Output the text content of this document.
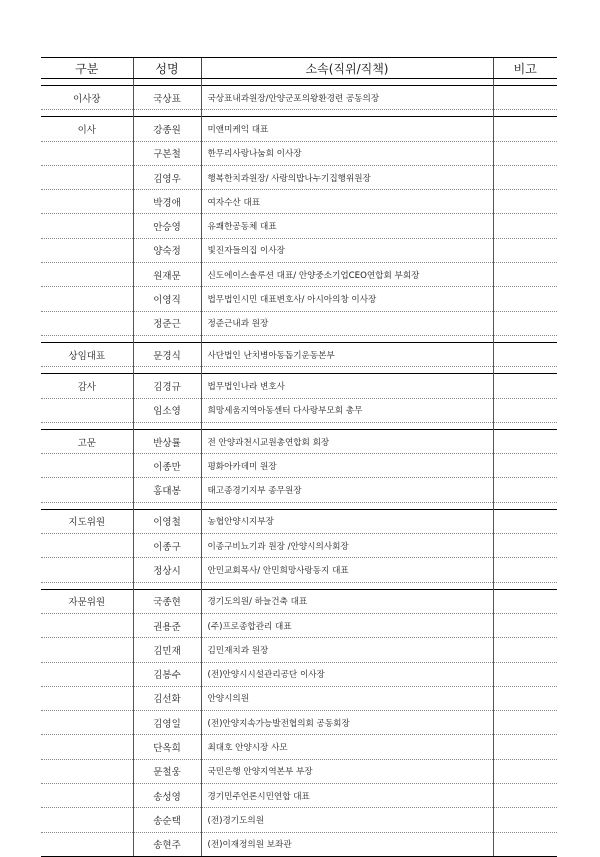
구분	성명	소속(직위/직책)	비고

이사장	국상표	국상표내과원장/안양군포의왕환경련 공동의장	

이사	강종원	미앤미케익 대표	
	구본철	한무리사랑나눔회 이사장	
	김영우	행복한치과원장/ 사랑의밥나누기집행위원장	
	박경애	여자수산 대표	
	안승영	유쾌한공동체 대표	
	양숙정	빛진자들의집 이사장	
	원재문	신도에이스솔루션 대표/ 안양중소기업CEO연합회 부회장	
	이영직	법무법인시민 대표변호사/ 아시아의창 이사장	
	정준근	정준근내과 원장	

상임대표	문경식	사단법인 난치병아동돕기운동본부	

감사	김경규	법무법인나라 변호사	
	임소영	희망세움지역아동센터 다사랑부모회 총무	

고문	반상률	전 안양과천시교원총연합회 회장	
	이종만	평화아카데미 원장	
	홍대봉	태고종경기지부 종무원장	

지도위원	이영철	농협안양시지부장	
	이종구	이종구비뇨기과 원장 /안양시의사회장	
	정상시	안민교회목사/ 안민희망사랑동지 대표	

자문위원	국종현	경기도의원/ 하늘건축 대표	
	권용준	(주)프로종합관리 대표	
	김민재	김민재치과 원장	
	김봉수	(전)안양시시설관리공단 이사장	
	김선화	안양시의원	
	김영일	(전)안양지속가능발전협의회 공동회장	
	단옥희	최대호 안양시장 사모	
	문철웅	국민은행 안양지역본부 부장	
	송성영	경기민주언론시민연합 대표	
	송순택	(전)경기도의원	
	송현주	(전)이재정의원 보좌관	
